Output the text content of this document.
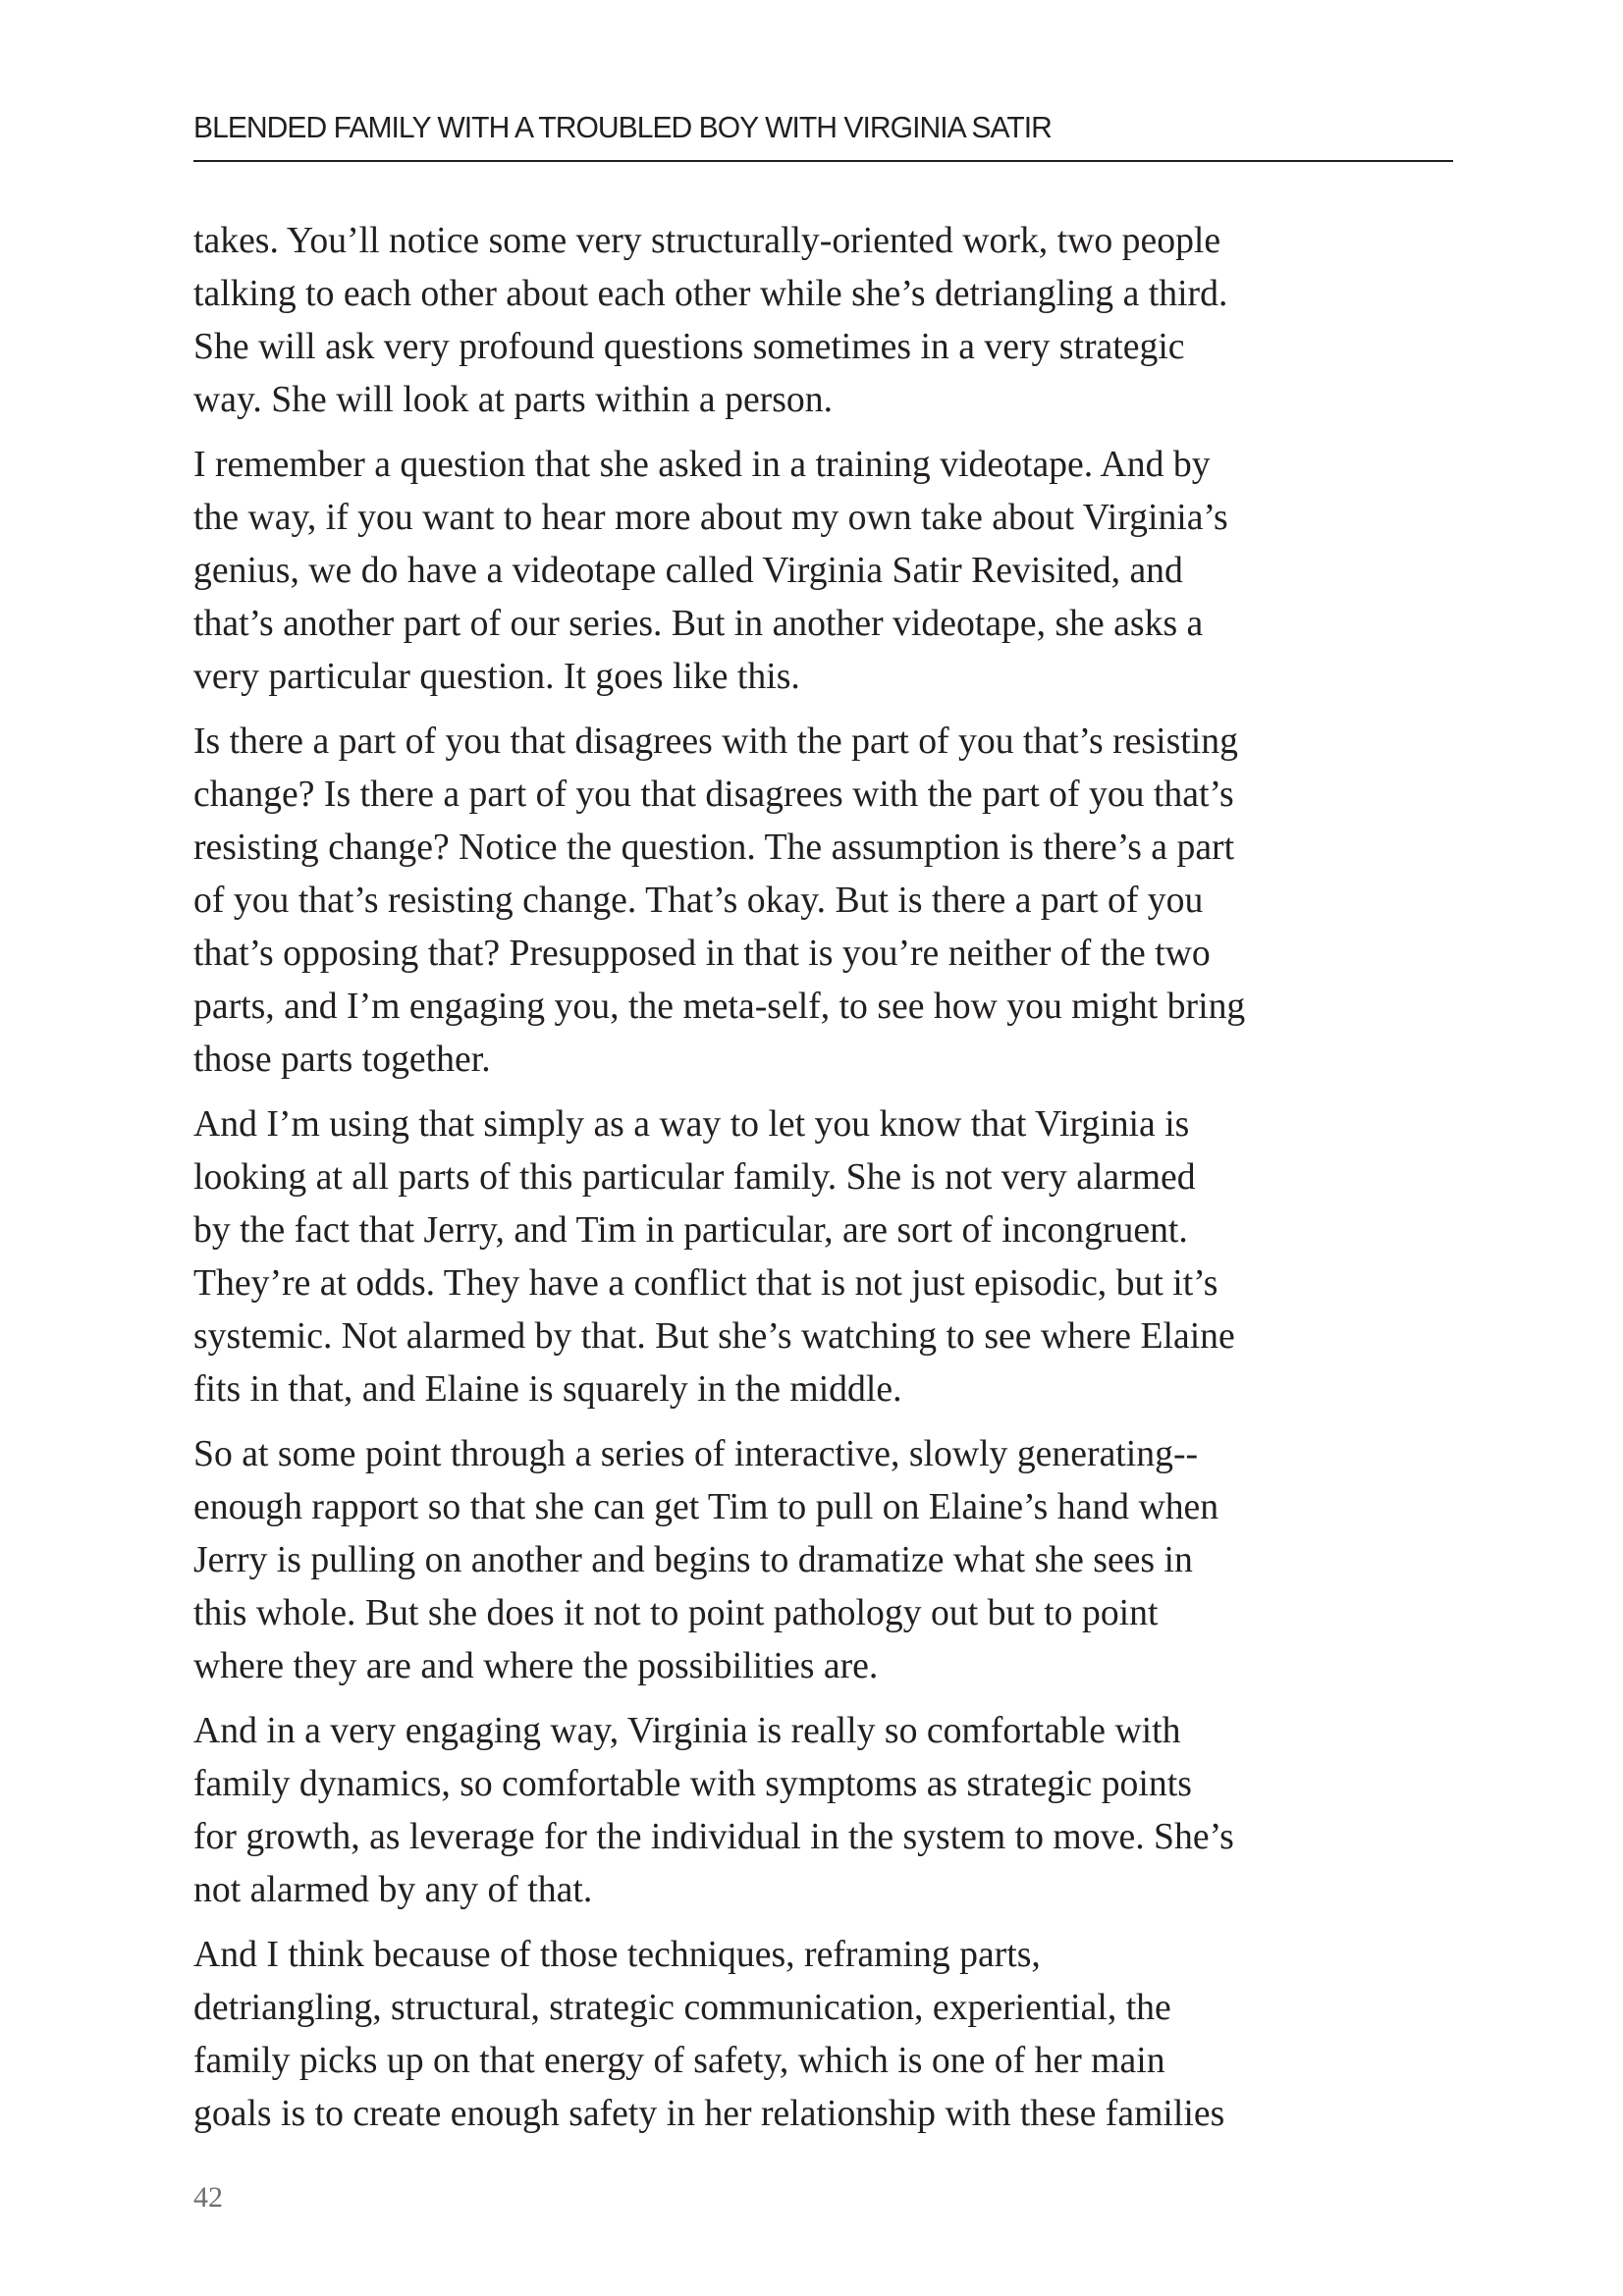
BLENDED FAMILY WITH A TROUBLED BOY WITH VIRGINIA SATIR
takes. You’ll notice some very structurally-oriented work, two people
talking to each other about each other while she’s detriangling a third.
She will ask very profound questions sometimes in a very strategic
way. She will look at parts within a person.
I remember a question that she asked in a training videotape. And by
the way, if you want to hear more about my own take about Virginia’s
genius, we do have a videotape called Virginia Satir Revisited, and
that’s another part of our series. But in another videotape, she asks a
very particular question. It goes like this.
Is there a part of you that disagrees with the part of you that’s resisting
change? Is there a part of you that disagrees with the part of you that’s
resisting change? Notice the question. The assumption is there’s a part
of you that’s resisting change. That’s okay. But is there a part of you
that’s opposing that? Presupposed in that is you’re neither of the two
parts, and I’m engaging you, the meta-self, to see how you might bring
those parts together.
And I’m using that simply as a way to let you know that Virginia is
looking at all parts of this particular family. She is not very alarmed
by the fact that Jerry, and Tim in particular, are sort of incongruent.
They’re at odds. They have a conflict that is not just episodic, but it’s
systemic. Not alarmed by that. But she’s watching to see where Elaine
fits in that, and Elaine is squarely in the middle.
So at some point through a series of interactive, slowly generating--
enough rapport so that she can get Tim to pull on Elaine’s hand when
Jerry is pulling on another and begins to dramatize what she sees in
this whole. But she does it not to point pathology out but to point
where they are and where the possibilities are.
And in a very engaging way, Virginia is really so comfortable with
family dynamics, so comfortable with symptoms as strategic points
for growth, as leverage for the individual in the system to move. She’s
not alarmed by any of that.
And I think because of those techniques, reframing parts,
detriangling, structural, strategic communication, experiential, the
family picks up on that energy of safety, which is one of her main
goals is to create enough safety in her relationship with these families
42
